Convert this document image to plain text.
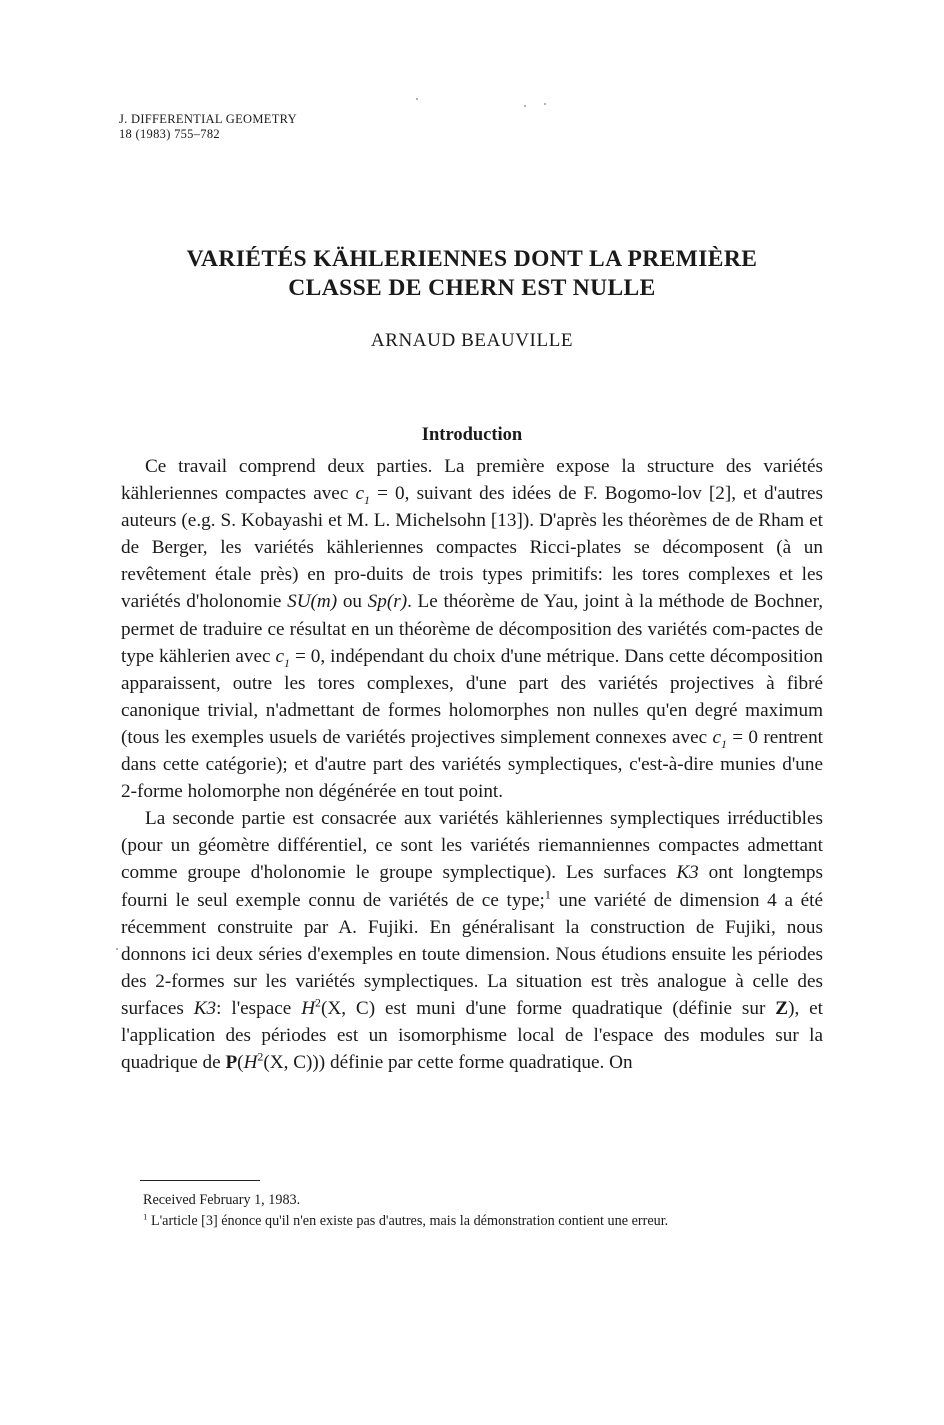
J. DIFFERENTIAL GEOMETRY
18 (1983) 755–782
VARIÉTÉS KÄHLERIENNES DONT LA PREMIÈRE
CLASSE DE CHERN EST NULLE
ARNAUD BEAUVILLE
Introduction

Ce travail comprend deux parties. La première expose la structure des variétés kähleriennes compactes avec $c_1 = 0$, suivant des idées de F. Bogomo-lov [2], et d'autres auteurs (e.g. S. Kobayashi et M. L. Michelsohn [13]). D'après les théorèmes de de Rham et de Berger, les variétés kähleriennes compactes Ricci-plates se décomposent (à un revêtement étale près) en pro-duits de trois types primitifs: les tores complexes et les variétés d'holonomie SU(m) ou Sp(r). Le théorème de Yau, joint à la méthode de Bochner, permet de traduire ce résultat en un théorème de décomposition des variétés com-pactes de type kählerien avec $c_1 = 0$, indépendant du choix d'une métrique. Dans cette décomposition apparaissent, outre les tores complexes, d'une part des variétés projectives à fibré canonique trivial, n'admettant de formes holomorphes non nulles qu'en degré maximum (tous les exemples usuels de variétés projectives simplement connexes avec $c_1 = 0$ rentrent dans cette catégorie); et d'autre part des variétés symplectiques, c'est-à-dire munies d'une 2-forme holomorphe non dégénérée en tout point.

La seconde partie est consacrée aux variétés kähleriennes symplectiques irréductibles (pour un géomètre différentiel, ce sont les variétés riemanniennes compactes admettant comme groupe d'holonomie le groupe symplectique). Les surfaces K3 ont longtemps fourni le seul exemple connu de variétés de ce type;$^1$ une variété de dimension 4 a été récemment construite par A. Fujiki. En généralisant la construction de Fujiki, nous donnons ici deux séries d'exemples en toute dimension. Nous étudions ensuite les périodes des 2-formes sur les variétés symplectiques. La situation est très analogue à celle des surfaces K3: l'espace $H^2(X$, C) est muni d'une forme quadratique (définie sur Z), et l'application des périodes est un isomorphisme local de l'espace des modules sur la quadrique de $P(H^2(X$, C))) définie par cette forme quadratique. On

Received February 1, 1983.
$^1$ L'article [3] énonce qu'il n'en existe pas d'autres, mais la démonstration contient une erreur.
